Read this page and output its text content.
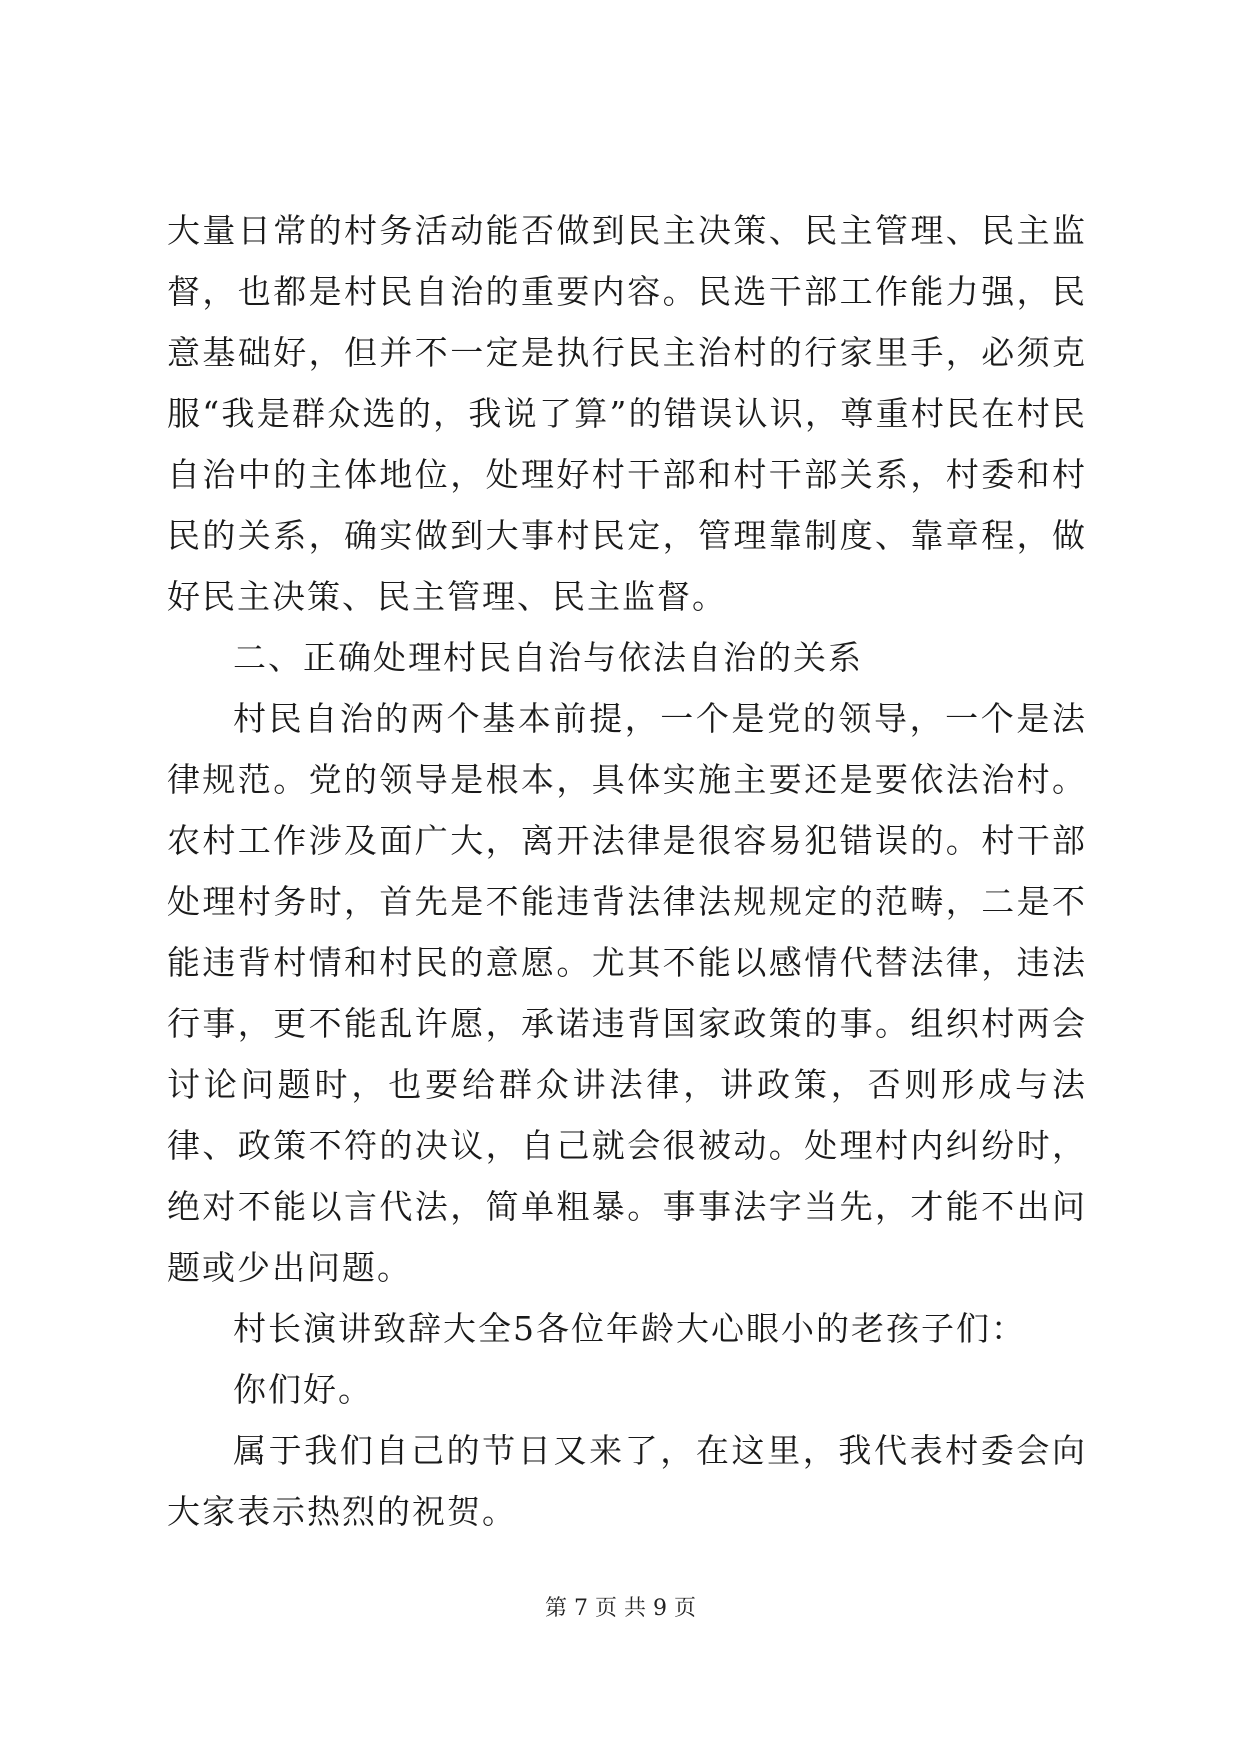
大量日常的村务活动能否做到民主决策、民主管理、民主监督，也都是村民自治的重要内容。民选干部工作能力强，民意基础好，但并不一定是执行民主治村的行家里手，必须克服“我是群众选的，我说了算”的错误认识，尊重村民在村民自治中的主体地位，处理好村干部和村干部关系，村委和村民的关系，确实做到大事村民定，管理靠制度、靠章程，做好民主决策、民主管理、民主监督。

二、正确处理村民自治与依法自治的关系

村民自治的两个基本前提，一个是党的领导，一个是法律规范。党的领导是根本，具体实施主要还是要依法治村。农村工作涉及面广大，离开法律是很容易犯错误的。村干部处理村务时，首先是不能违背法律法规规定的范畴，二是不能违背村情和村民的意愿。尤其不能以感情代替法律，违法行事，更不能乱许愿，承诺违背国家政策的事。组织村两会讨论问题时，也要给群众讲法律，讲政策，否则形成与法律、政策不符的决议，自己就会很被动。处理村内纠纷时，绝对不能以言代法，简单粗暴。事事法字当先，才能不出问题或少出问题。

村长演讲致辞大全5各位年龄大心眼小的老孩子们：

你们好。

属于我们自己的节日又来了，在这里，我代表村委会向大家表示热烈的祝贺。

第 7 页 共 9 页
